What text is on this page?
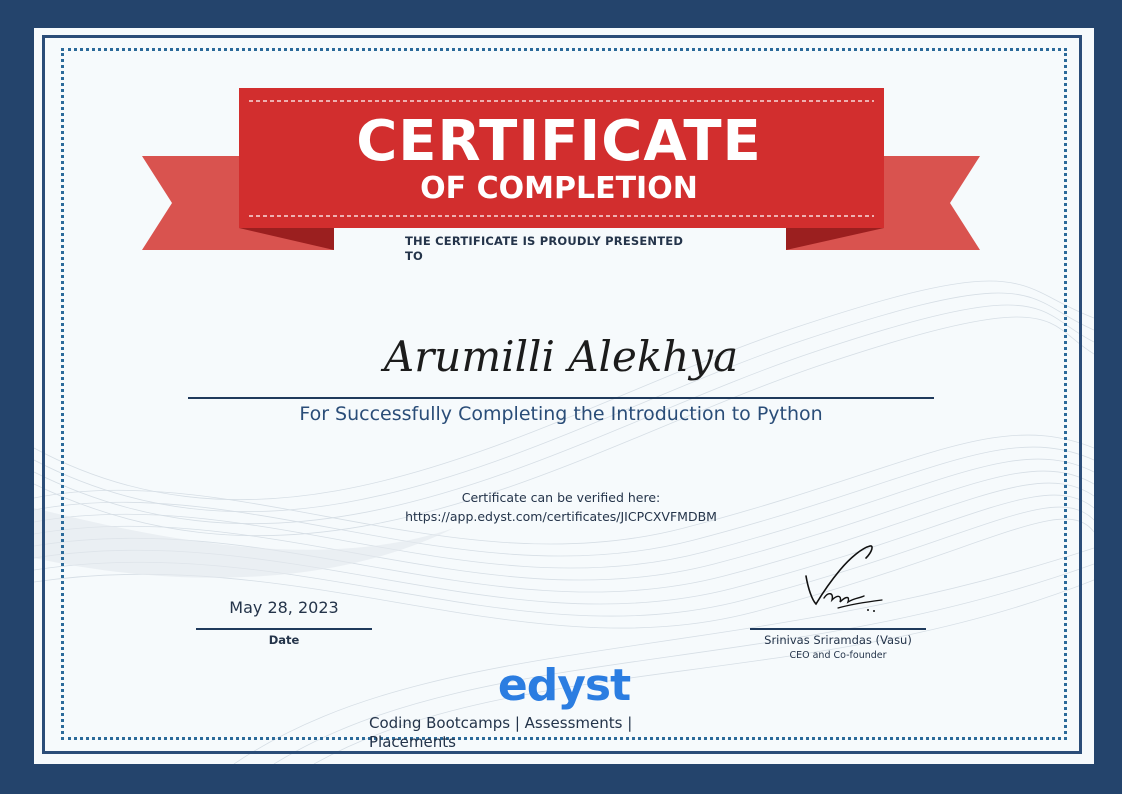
CERTIFICATE
OF COMPLETION
THE CERTIFICATE IS PROUDLY PRESENTED TO
Arumilli Alekhya
For Successfully Completing the Introduction to Python
Certificate can be verified here:
https://app.edyst.com/certificates/JICPCXVFMDBM
May 28, 2023
Date	Srinivas Sriramdas (Vasu)
CEO and Co-founder
edyst
Coding Bootcamps | Assessments | Placements
